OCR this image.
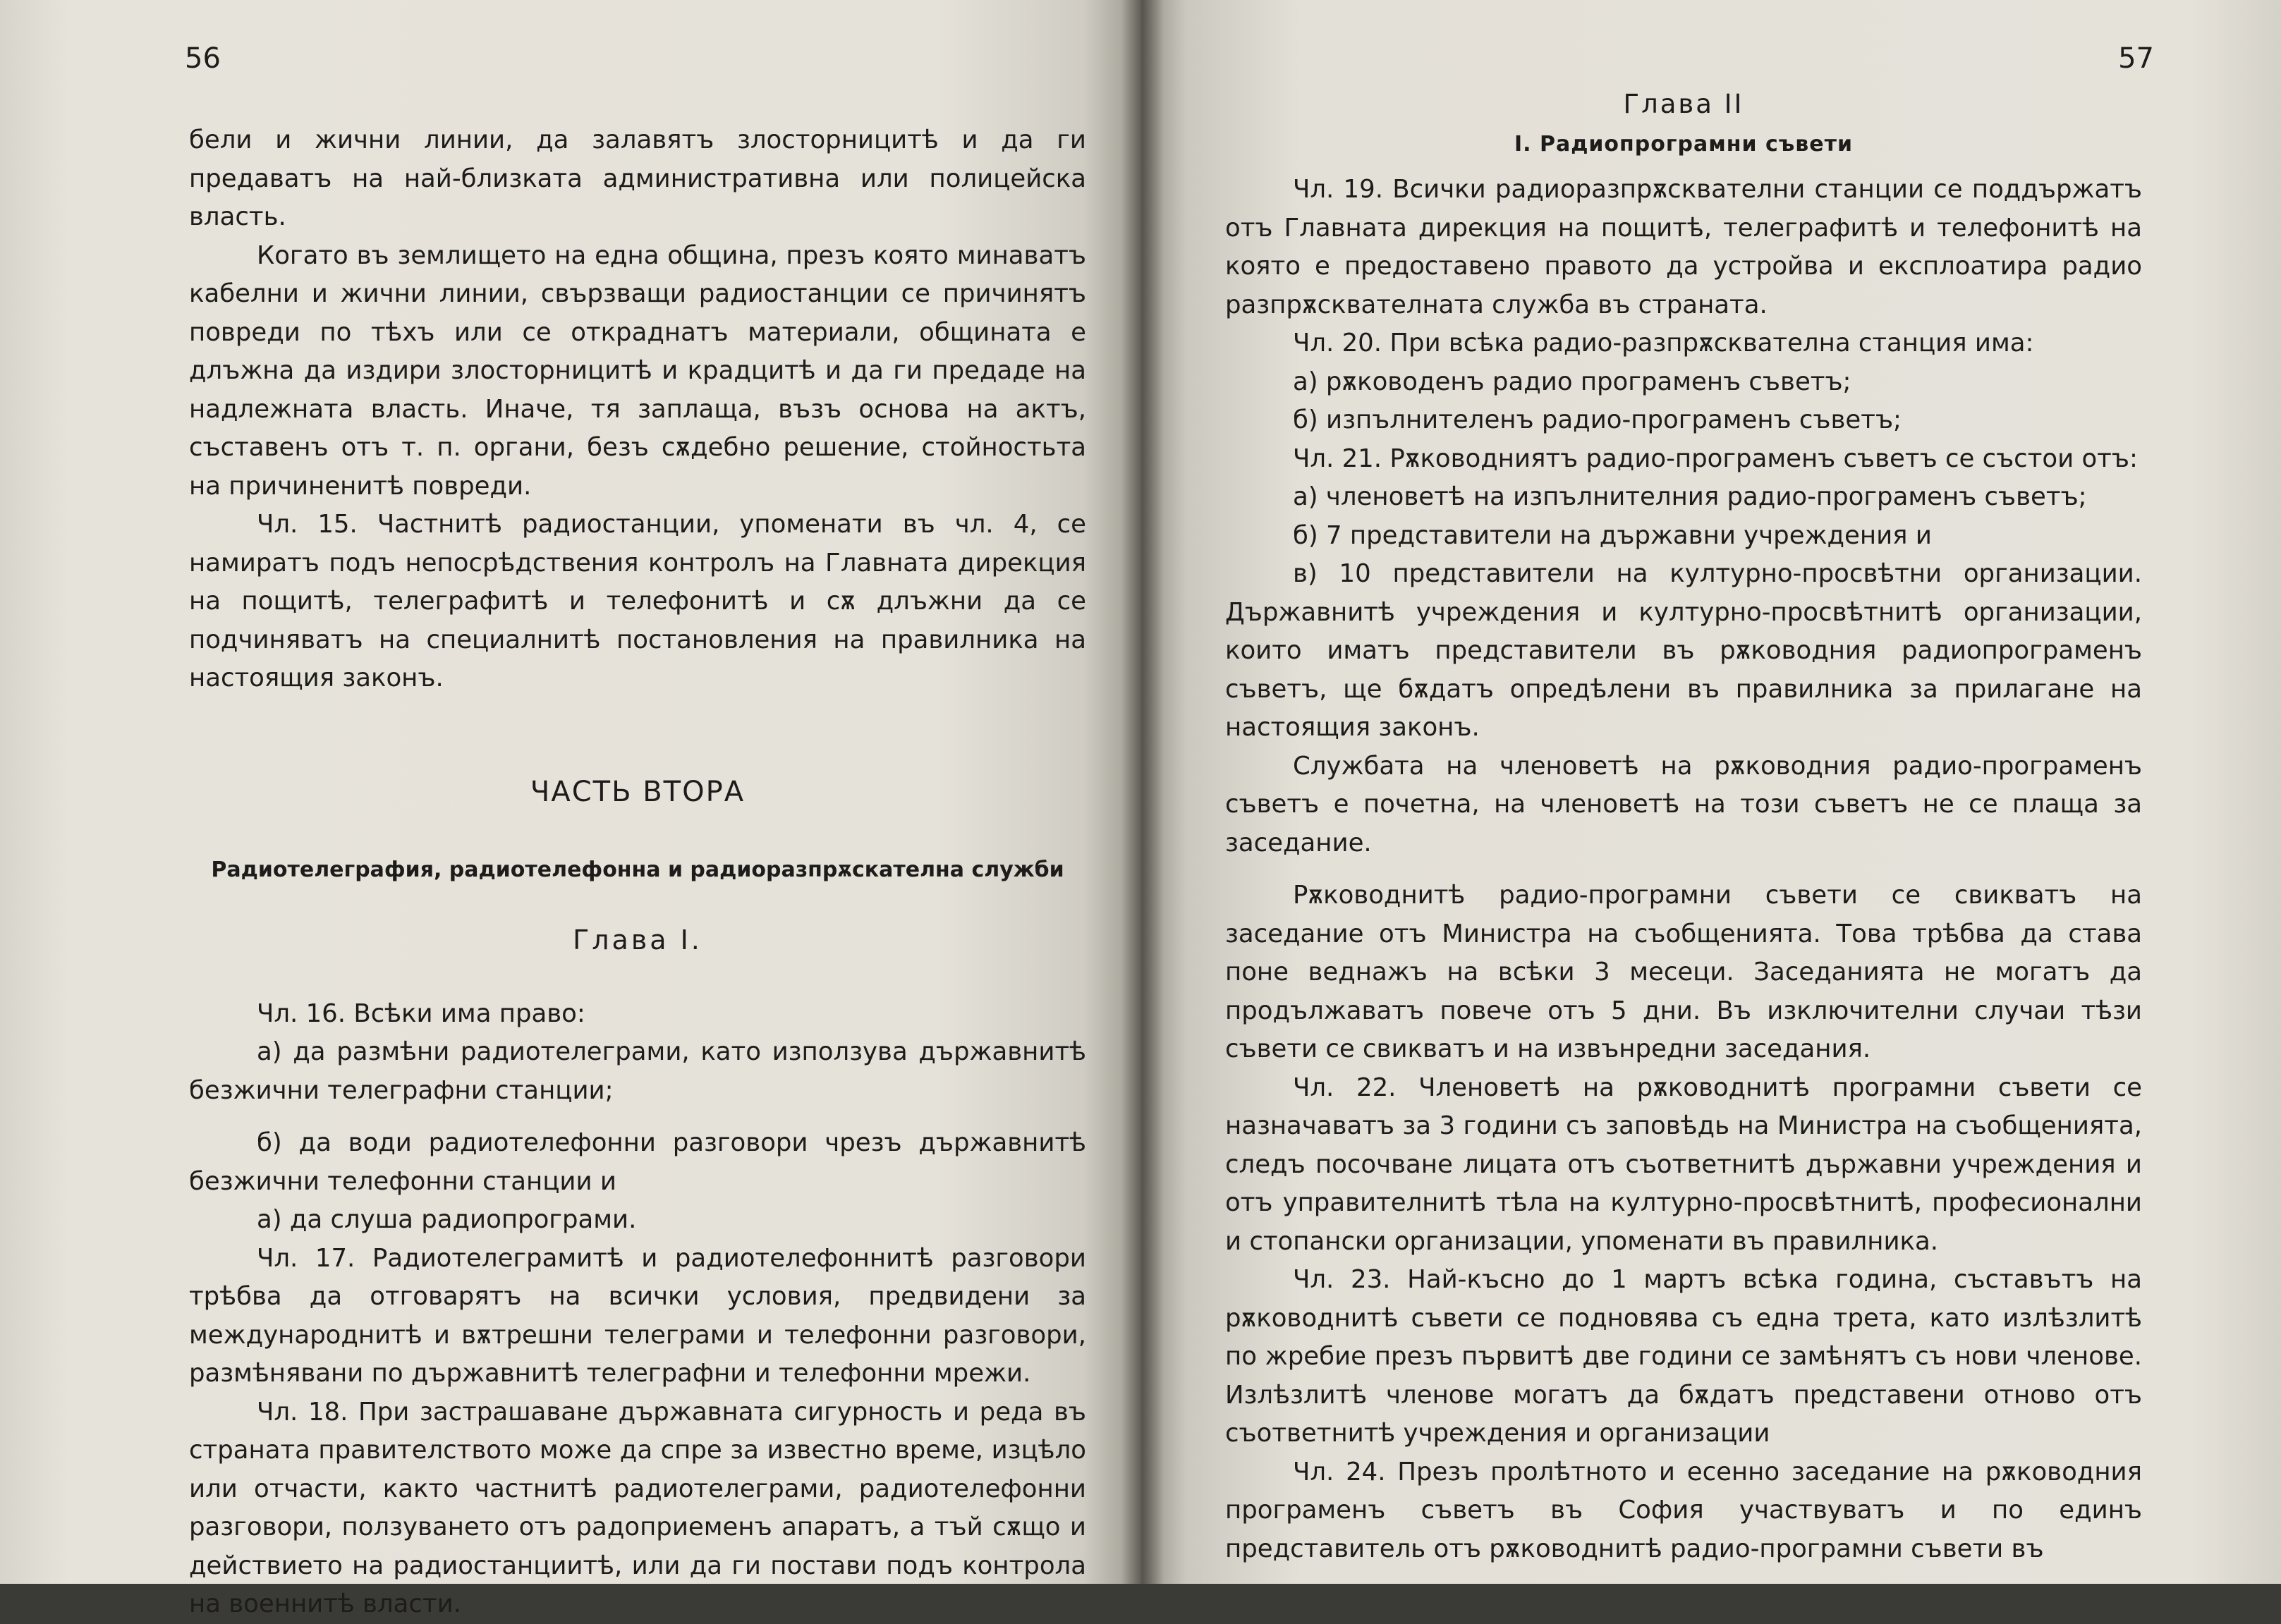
56

бели и жични линии, да залавятъ злосторницитѣ и да ги предаватъ на най-близката административна или полицейска власть.

Когато въ землището на една община, презъ която минаватъ кабелни и жични линии, свързващи радиостанции се причинятъ повреди по тѣхъ или се откраднатъ материали, общината е длъжна да издири злосторницитѣ и крадцитѣ и да ги предаде на надлежната власть. Иначе, тя заплаща, възъ основа на актъ, съставенъ отъ т. п. органи, безъ сѫдебно решение, стойностьта на причиненитѣ повреди.

Чл. 15. Частнитѣ радиостанции, упоменати въ чл. 4, се намиратъ подъ непосрѣдствения контролъ на Главната дирекция на пощитѣ, телеграфитѣ и телефонитѣ и сѫ длъжни да се подчиняватъ на специалнитѣ постановления на правилника на настоящия законъ.

ЧАСТЬ ВТОРА

Радиотелеграфия, радиотелефонна и радиоразпрѫскателна служби

Глава I.

Чл. 16. Всѣки има право:

а) да размѣни радиотелеграми, като използува държавнитѣ безжични телеграфни станции;

б) да води радиотелефонни разговори чрезъ държавнитѣ безжични телефонни станции и

а) да слуша радиопрограми.

Чл. 17. Радиотелеграмитѣ и радиотелефоннитѣ разговори трѣбва да отговарятъ на всички условия, предвидени за международнитѣ и вѫтрешни телеграми и телефонни разговори, размѣнявани по държавнитѣ телеграфни и телефонни мрежи.

Чл. 18. При застрашаване държавната сигурность и реда въ страната правителството може да спре за известно време, изцѣло или отчасти, както частнитѣ радиотелеграми, радиотелефонни разговори, ползуването отъ радоприеменъ апаратъ, а тъй сѫщо и действието на радиостанциитѣ, или да ги постави подъ контрола на военнитѣ власти.

57

Глава II

I. Радиопрограмни съвети

Чл. 19. Всички радиоразпрѫсквателни станции се поддържатъ отъ Главната дирекция на пощитѣ, телеграфитѣ и телефонитѣ на която е предоставено правото да устройва и експлоатира радио разпрѫсквателната служба въ страната.

Чл. 20. При всѣка радио-разпрѫсквателна станция има:

а) рѫководенъ радио програменъ съветъ;

б) изпълнителенъ радио-програменъ съветъ;

Чл. 21. Рѫководниятъ радио-програменъ съветъ се състои отъ:

а) членоветѣ на изпълнителния радио-програменъ съветъ;

б) 7 представители на държавни учреждения и

в) 10 представители на културно-просвѣтни организации. Държавнитѣ учреждения и културно-просвѣтнитѣ организации, които иматъ представители въ рѫководния радиопрограменъ съветъ, ще бѫдатъ опредѣлени въ правилника за прилагане на настоящия законъ.

Службата на членоветѣ на рѫководния радио-програменъ съветъ е почетна, на членоветѣ на този съветъ не се плаща за заседание.

Рѫководнитѣ радио-програмни съвети се свикватъ на заседание отъ Министра на съобщенията. Това трѣбва да става поне веднажъ на всѣки 3 месеци. Заседанията не могатъ да продължаватъ повече отъ 5 дни. Въ изключителни случаи тѣзи съвети се свикватъ и на извънредни заседания.

Чл. 22. Членоветѣ на рѫководнитѣ програмни съвети се назначаватъ за 3 години съ заповѣдь на Министра на съобщенията, следъ посочване лицата отъ съответнитѣ държавни учреждения и отъ управителнитѣ тѣла на културно-просвѣтнитѣ, професионални и стопански организации, упоменати въ правилника.

Чл. 23. Най-късно до 1 мартъ всѣка година, съставътъ на рѫководнитѣ съвети се подновява съ една трета, като излѣзлитѣ по жребие презъ първитѣ две години се замѣнятъ съ нови членове. Излѣзлитѣ членове могатъ да бѫдатъ представени отново отъ съответнитѣ учреждения и организации

Чл. 24. Презъ пролѣтното и есенно заседание на рѫководния програменъ съветъ въ София участвуватъ и по единъ представитель отъ рѫководнитѣ радио-програмни съвети въ
